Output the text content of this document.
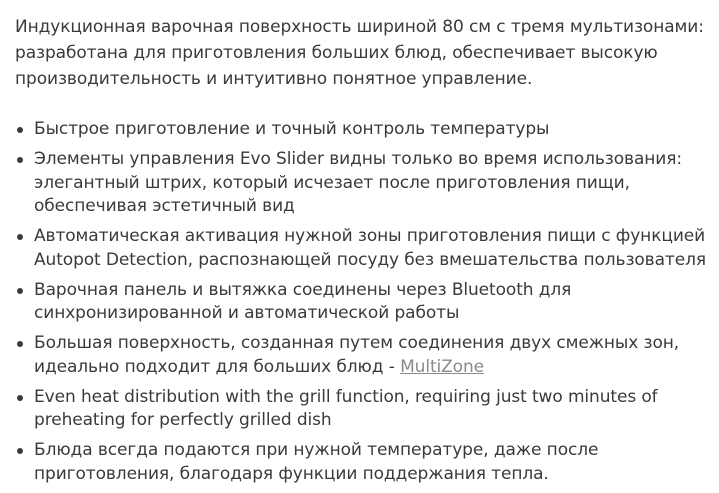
Индукционная варочная поверхность шириной 80 см с тремя мультизонами: разработана для приготовления больших блюд, обеспечивает высокую производительность и интуитивно понятное управление.

Быстрое приготовление и точный контроль температуры
Элементы управления Evo Slider видны только во время использования: элегантный штрих, который исчезает после приготовления пищи, обеспечивая эстетичный вид
Автоматическая активация нужной зоны приготовления пищи с функцией Autopot Detection, распознающей посуду без вмешательства пользователя
Варочная панель и вытяжка соединены через Bluetooth для синхронизированной и автоматической работы
Большая поверхность, созданная путем соединения двух смежных зон, идеально подходит для больших блюд - MultiZone
Even heat distribution with the grill function, requiring just two minutes of preheating for perfectly grilled dish
Блюда всегда подаются при нужной температуре, даже после приготовления, благодаря функции поддержания тепла.
